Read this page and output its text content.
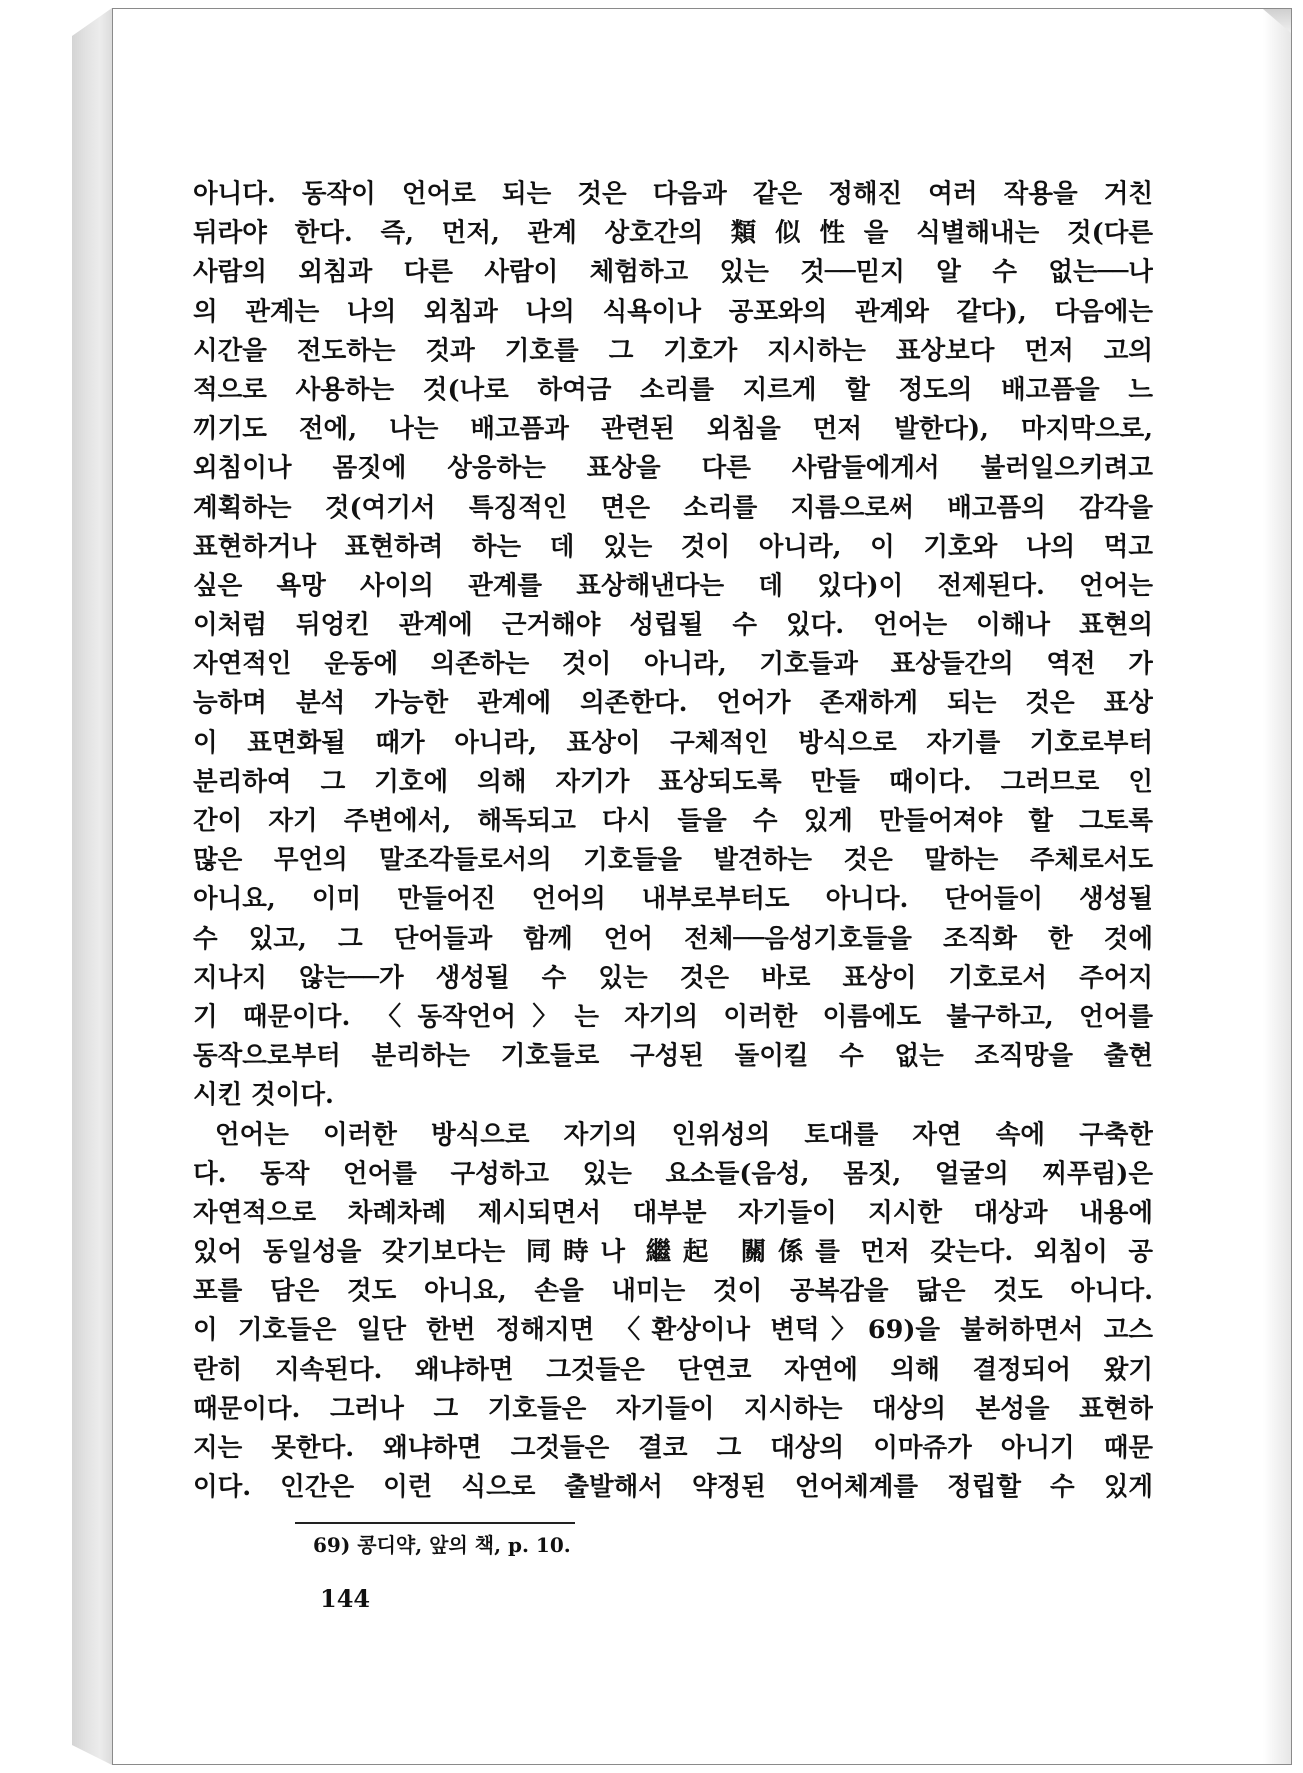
아니다. 동작이 언어로 되는 것은 다음과 같은 정해진 여러 작용을 거친
뒤라야 한다. 즉, 먼저, 관계 상호간의 類似性을 식별해내는 것(다른
사람의 외침과 다른 사람이 체험하고 있는 것──믿지 알 수 없는──나
의 관계는 나의 외침과 나의 식욕이나 공포와의 관계와 같다), 다음에는
시간을 전도하는 것과 기호를 그 기호가 지시하는 표상보다 먼저 고의
적으로 사용하는 것(나로 하여금 소리를 지르게 할 정도의 배고픔을 느
끼기도 전에, 나는 배고픔과 관련된 외침을 먼저 발한다), 마지막으로,
외침이나 몸짓에 상응하는 표상을 다른 사람들에게서 불러일으키려고
계획하는 것(여기서 특징적인 면은 소리를 지름으로써 배고픔의 감각을
표현하거나 표현하려 하는 데 있는 것이 아니라, 이 기호와 나의 먹고
싶은 욕망 사이의 관계를 표상해낸다는 데 있다)이 전제된다. 언어는
이처럼 뒤엉킨 관계에 근거해야 성립될 수 있다. 언어는 이해나 표현의
자연적인 운동에 의존하는 것이 아니라, 기호들과 표상들간의 역전 가
능하며 분석 가능한 관계에 의존한다. 언어가 존재하게 되는 것은 표상
이 표면화될 때가 아니라, 표상이 구체적인 방식으로 자기를 기호로부터
분리하여 그 기호에 의해 자기가 표상되도록 만들 때이다. 그러므로 인
간이 자기 주변에서, 해독되고 다시 들을 수 있게 만들어져야 할 그토록
많은 무언의 말조각들로서의 기호들을 발견하는 것은 말하는 주체로서도
아니요, 이미 만들어진 언어의 내부로부터도 아니다. 단어들이 생성될
수 있고, 그 단어들과 함께 언어 전체──음성기호들을 조직화 한 것에
지나지 않는──가 생성될 수 있는 것은 바로 표상이 기호로서 주어지
기 때문이다. 〈동작언어〉는 자기의 이러한 이름에도 불구하고, 언어를
동작으로부터 분리하는 기호들로 구성된 돌이킬 수 없는 조직망을 출현
시킨 것이다.
언어는 이러한 방식으로 자기의 인위성의 토대를 자연 속에 구축한
다. 동작 언어를 구성하고 있는 요소들(음성, 몸짓, 얼굴의 찌푸림)은
자연적으로 차례차례 제시되면서 대부분 자기들이 지시한 대상과 내용에
있어 동일성을 갖기보다는 同時나 繼起 關係를 먼저 갖는다. 외침이 공
포를 담은 것도 아니요, 손을 내미는 것이 공복감을 닮은 것도 아니다.
이 기호들은 일단 한번 정해지면 〈환상이나 변덕〉69)을 불허하면서 고스
란히 지속된다. 왜냐하면 그것들은 단연코 자연에 의해 결정되어 왔기
때문이다. 그러나 그 기호들은 자기들이 지시하는 대상의 본성을 표현하
지는 못한다. 왜냐하면 그것들은 결코 그 대상의 이마쥬가 아니기 때문
이다. 인간은 이런 식으로 출발해서 약정된 언어체계를 정립할 수 있게
69) 콩디약, 앞의 책, p. 10.
144
